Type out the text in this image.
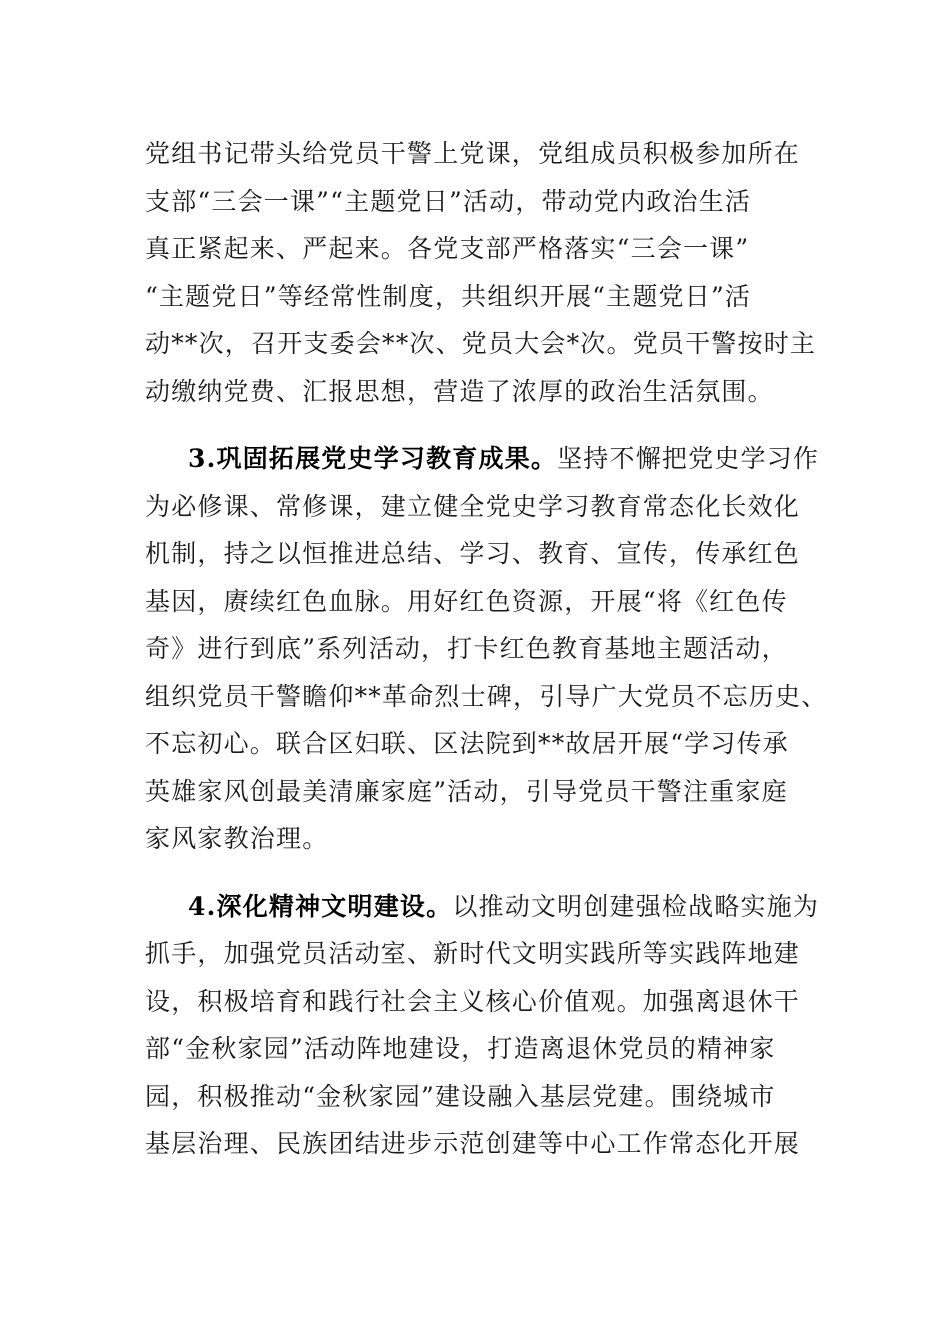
党组书记带头给党员干警上党课，党组成员积极参加所在
支部“三会一课”“主题党日”活动，带动党内政治生活
真正紧起来、严起来。各党支部严格落实“三会一课”
“主题党日”等经常性制度，共组织开展“主题党日”活
动**次，召开支委会**次、党员大会*次。党员干警按时主
动缴纳党费、汇报思想，营造了浓厚的政治生活氛围。
3.巩固拓展党史学习教育成果。坚持不懈把党史学习作
为必修课、常修课，建立健全党史学习教育常态化长效化
机制，持之以恒推进总结、学习、教育、宣传，传承红色
基因，赓续红色血脉。用好红色资源，开展“将《红色传
奇》进行到底”系列活动，打卡红色教育基地主题活动，
组织党员干警瞻仰**革命烈士碑，引导广大党员不忘历史、
不忘初心。联合区妇联、区法院到**故居开展“学习传承
英雄家风创最美清廉家庭”活动，引导党员干警注重家庭
家风家教治理。
4.深化精神文明建设。以推动文明创建强检战略实施为
抓手，加强党员活动室、新时代文明实践所等实践阵地建
设，积极培育和践行社会主义核心价值观。加强离退休干
部“金秋家园”活动阵地建设，打造离退休党员的精神家
园，积极推动“金秋家园”建设融入基层党建。围绕城市
基层治理、民族团结进步示范创建等中心工作常态化开展
